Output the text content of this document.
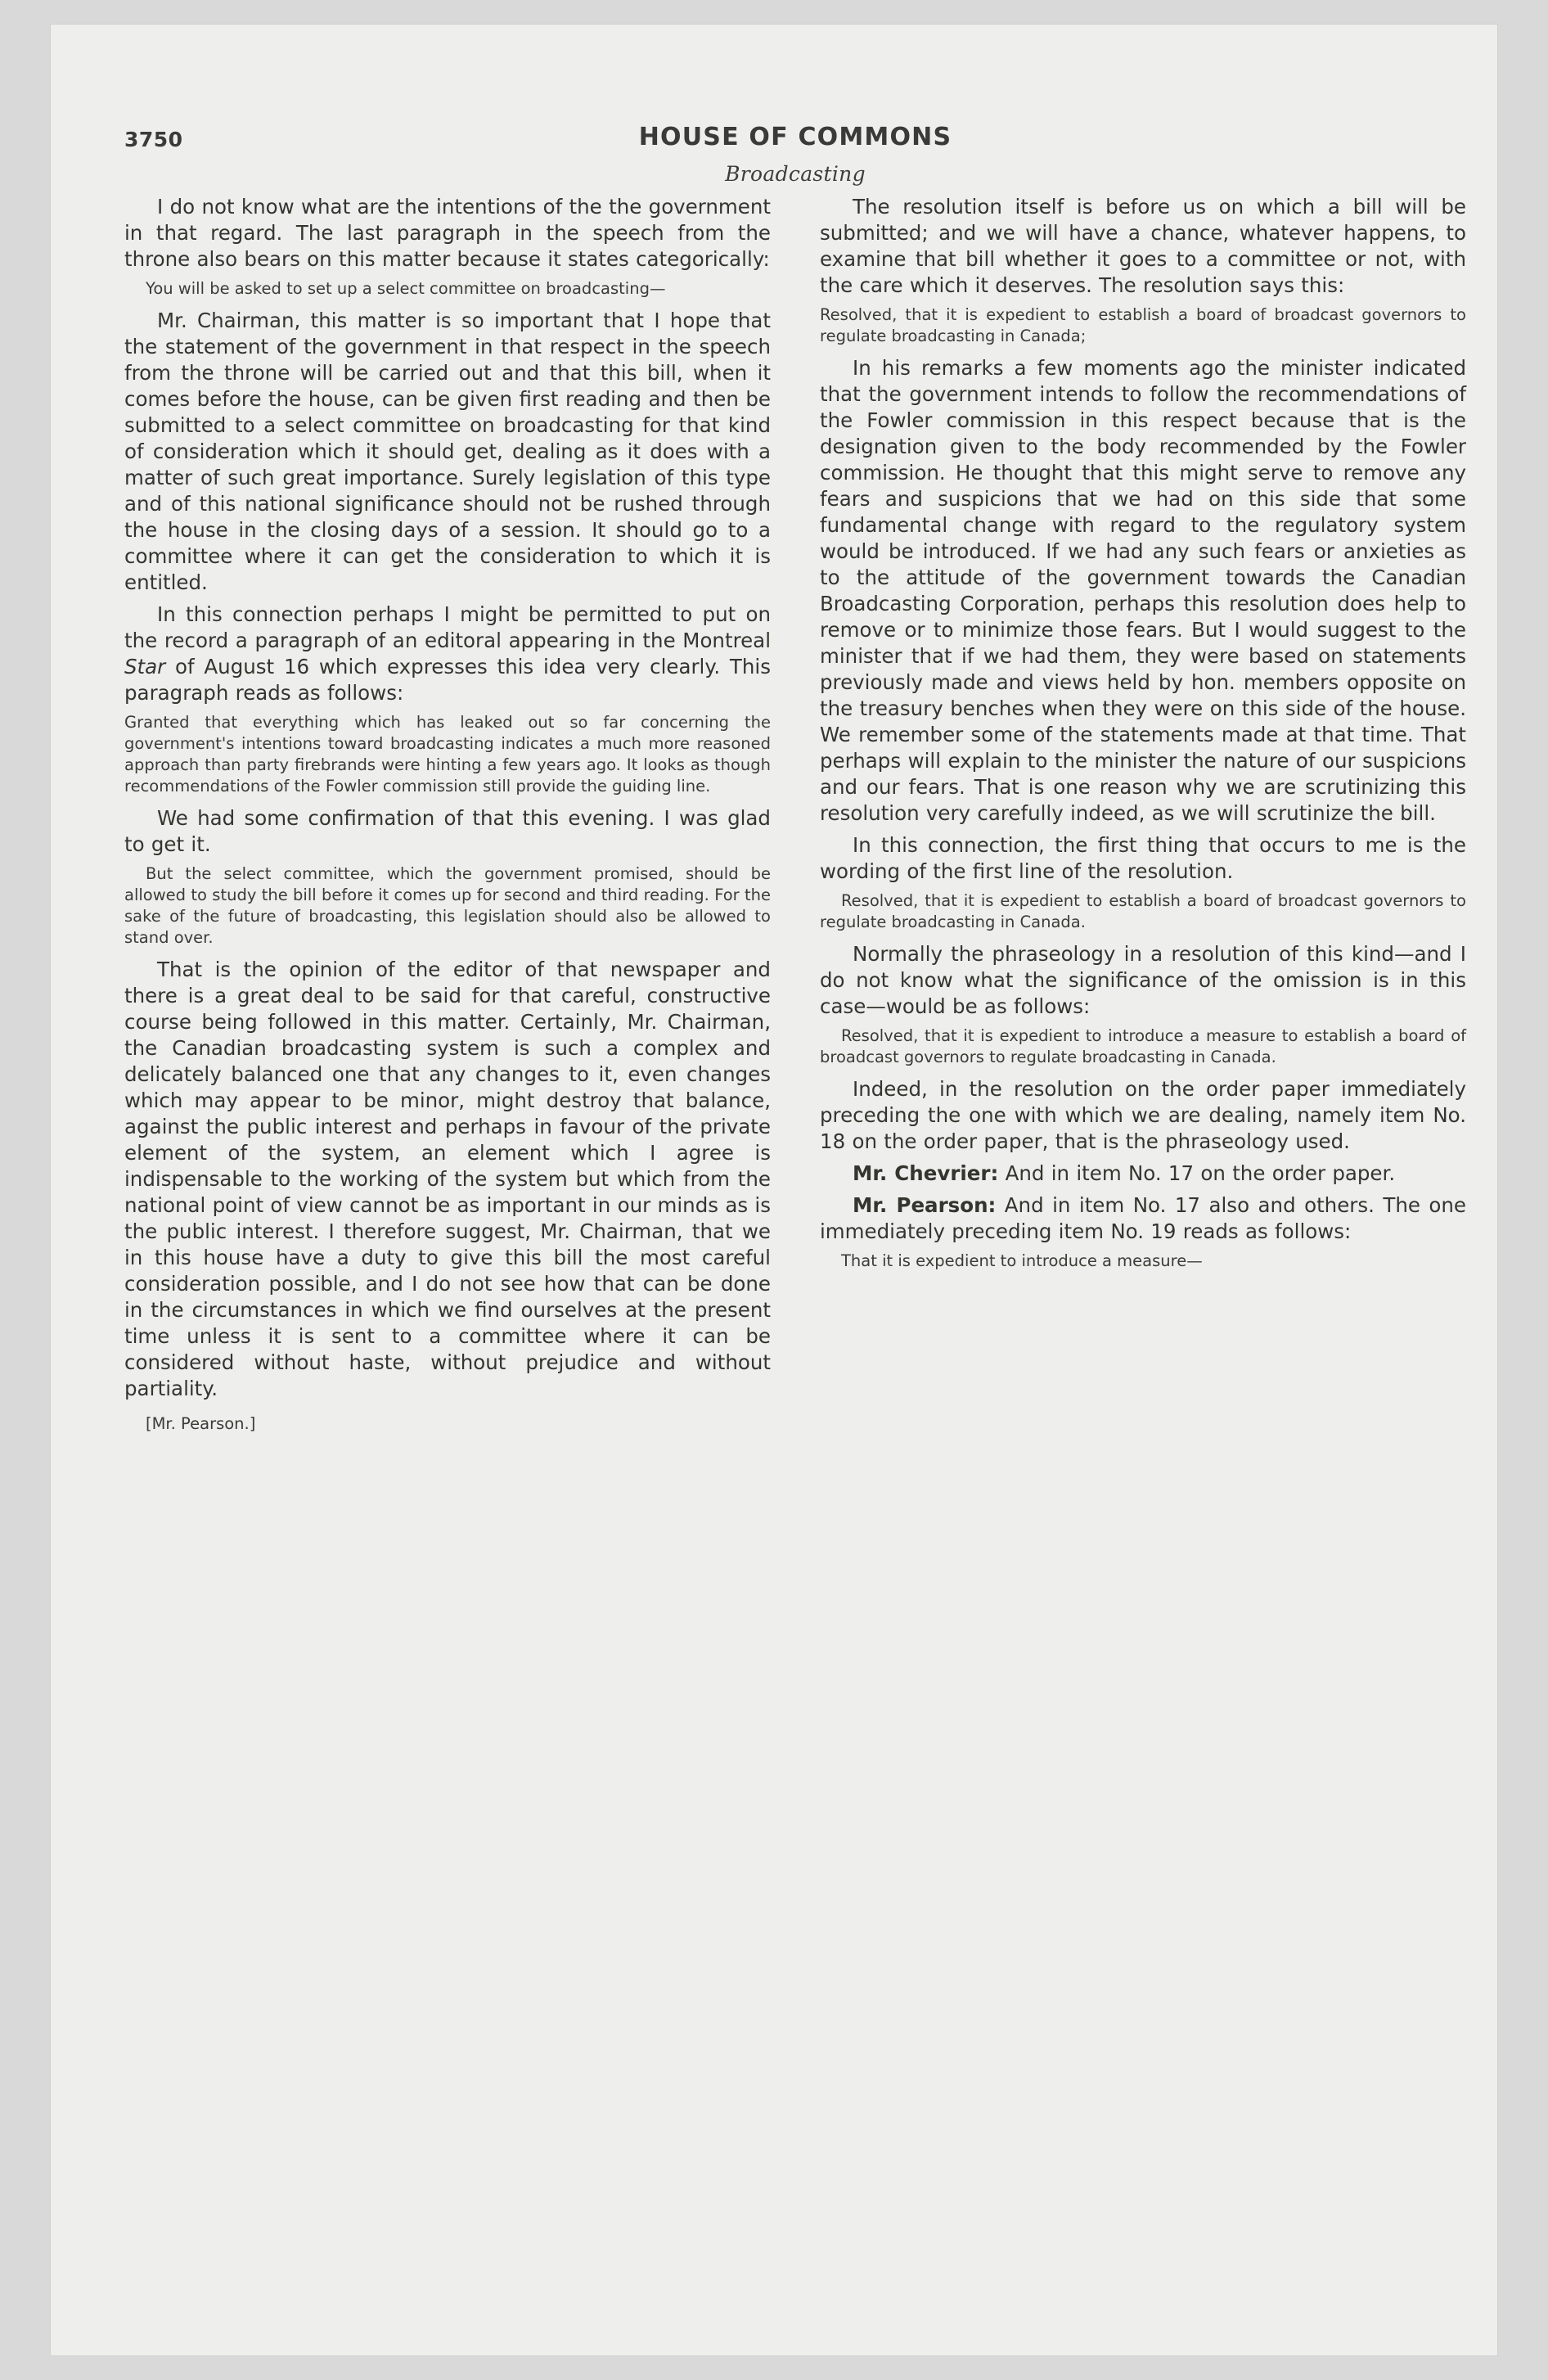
3750	HOUSE OF COMMONS
Broadcasting

I do not know what are the intentions of the the government in that regard. The last paragraph in the speech from the throne also bears on this matter because it states categorically:

You will be asked to set up a select committee on broadcasting—

Mr. Chairman, this matter is so important that I hope that the statement of the government in that respect in the speech from the throne will be carried out and that this bill, when it comes before the house, can be given first reading and then be submitted to a select committee on broadcasting for that kind of consideration which it should get, dealing as it does with a matter of such great importance. Surely legislation of this type and of this national significance should not be rushed through the house in the closing days of a session. It should go to a committee where it can get the consideration to which it is entitled.

In this connection perhaps I might be permitted to put on the record a paragraph of an editoral appearing in the Montreal Star of August 16 which expresses this idea very clearly. This paragraph reads as follows:

Granted that everything which has leaked out so far concerning the government's intentions toward broadcasting indicates a much more reasoned approach than party firebrands were hinting a few years ago. It looks as though recommendations of the Fowler commission still provide the guiding line.

We had some confirmation of that this evening. I was glad to get it.

But the select committee, which the government promised, should be allowed to study the bill before it comes up for second and third reading. For the sake of the future of broadcasting, this legislation should also be allowed to stand over.

That is the opinion of the editor of that newspaper and there is a great deal to be said for that careful, constructive course being followed in this matter. Certainly, Mr. Chairman, the Canadian broadcasting system is such a complex and delicately balanced one that any changes to it, even changes which may appear to be minor, might destroy that balance, against the public interest and perhaps in favour of the private element of the system, an element which I agree is indispensable to the working of the system but which from the national point of view cannot be as important in our minds as is the public interest. I therefore suggest, Mr. Chairman, that we in this house have a duty to give this bill the most careful consideration possible, and I do not see how that can be done in the circumstances in which we find ourselves at the present time unless it is sent to a committee where it can be considered without haste, without prejudice and without partiality.

[Mr. Pearson.]

The resolution itself is before us on which a bill will be submitted; and we will have a chance, whatever happens, to examine that bill whether it goes to a committee or not, with the care which it deserves. The resolution says this:

Resolved, that it is expedient to establish a board of broadcast governors to regulate broadcasting in Canada;

In his remarks a few moments ago the minister indicated that the government intends to follow the recommendations of the Fowler commission in this respect because that is the designation given to the body recommended by the Fowler commission. He thought that this might serve to remove any fears and suspicions that we had on this side that some fundamental change with regard to the regulatory system would be introduced. If we had any such fears or anxieties as to the attitude of the government towards the Canadian Broadcasting Corporation, perhaps this resolution does help to remove or to minimize those fears. But I would suggest to the minister that if we had them, they were based on statements previously made and views held by hon. members opposite on the treasury benches when they were on this side of the house. We remember some of the statements made at that time. That perhaps will explain to the minister the nature of our suspicions and our fears. That is one reason why we are scrutinizing this resolution very carefully indeed, as we will scrutinize the bill.

In this connection, the first thing that occurs to me is the wording of the first line of the resolution.

Resolved, that it is expedient to establish a board of broadcast governors to regulate broadcasting in Canada.

Normally the phraseology in a resolution of this kind—and I do not know what the significance of the omission is in this case—would be as follows:

Resolved, that it is expedient to introduce a measure to establish a board of broadcast governors to regulate broadcasting in Canada.

Indeed, in the resolution on the order paper immediately preceding the one with which we are dealing, namely item No. 18 on the order paper, that is the phraseology used.

Mr. Chevrier: And in item No. 17 on the order paper.

Mr. Pearson: And in item No. 17 also and others. The one immediately preceding item No. 19 reads as follows:

That it is expedient to introduce a measure—
